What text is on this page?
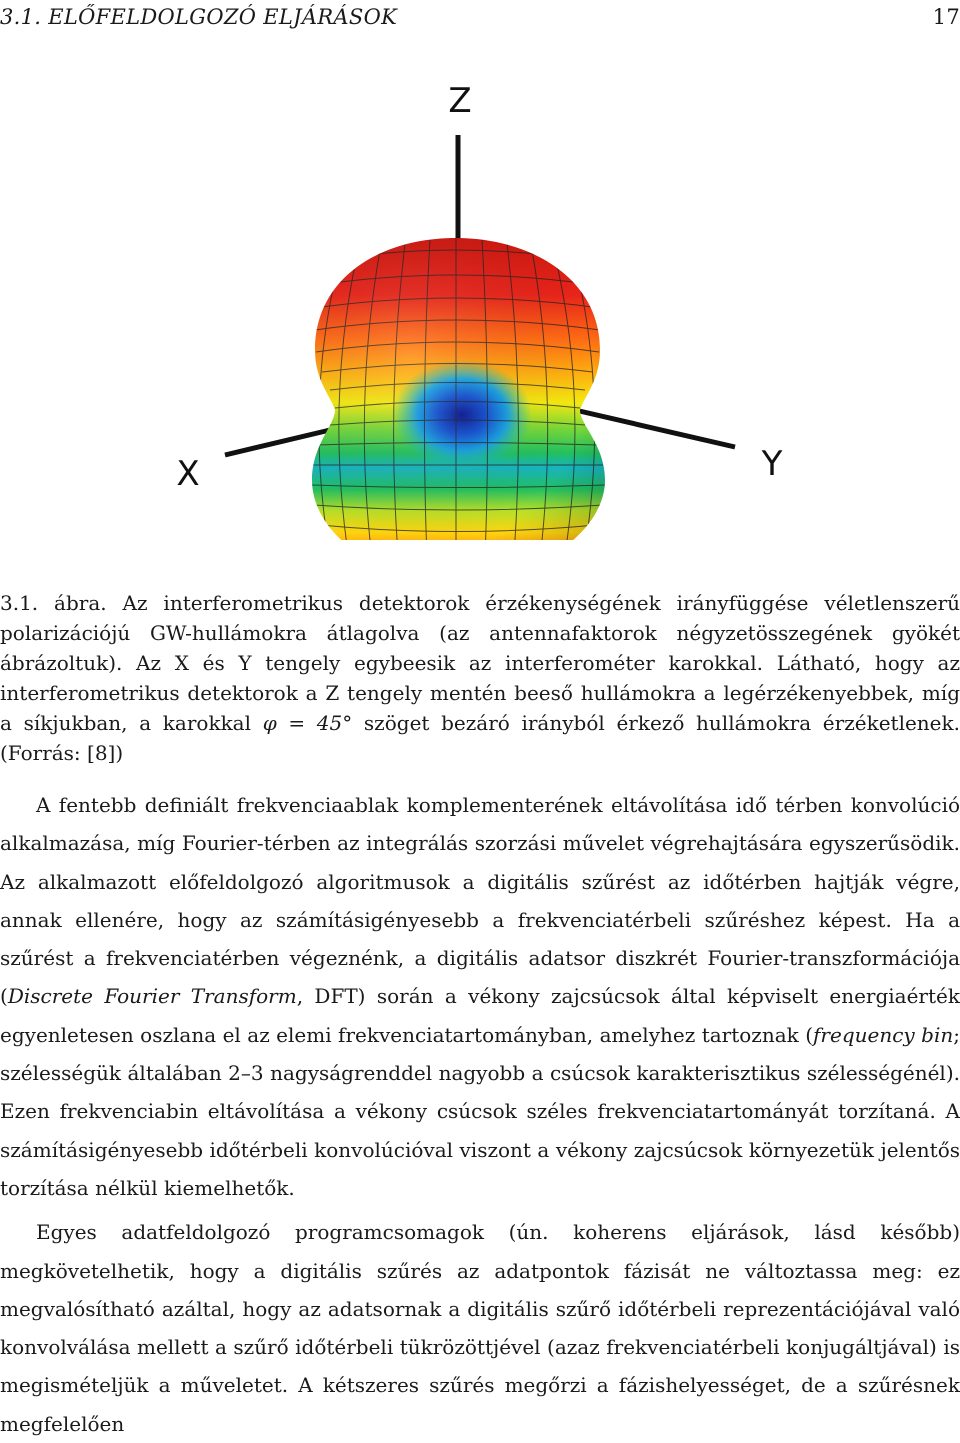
3.1. ELŐFELDOLGOZÓ ELJÁRÁSOK	17
Z
X	Y

3.1. ábra. Az interferometrikus detektorok érzékenységének irányfüggése véletlenszerű polarizációjú GW-hullámokra átlagolva (az antennafaktorok négyzetösszegének gyökét ábrázoltuk). Az X és Y tengely egybeesik az interferométer karokkal. Látható, hogy az interferometrikus detektorok a Z tengely mentén beeső hullámokra a legérzékenyebbek, míg a síkjukban, a karokkal φ = 45° szöget bezáró irányból érkező hullámokra érzéketlenek. (Forrás: [8])

A fentebb definiált frekvenciaablak komplementerének eltávolítása idő térben konvolúció alkalmazása, míg Fourier-térben az integrálás szorzási művelet végrehajtására egyszerűsödik. Az alkalmazott előfeldolgozó algoritmusok a digitális szűrést az időtérben hajtják végre, annak ellenére, hogy az számításigényesebb a frekvenciatérbeli szűréshez képest. Ha a szűrést a frekvenciatérben végeznénk, a digitális adatsor diszkrét Fourier-transzformációja (Discrete Fourier Transform, DFT) során a vékony zajcsúcsok által képviselt energiaérték egyenletesen oszlana el az elemi frekvenciatartományban, amelyhez tartoznak (frequency bin; szélességük általában 2–3 nagyságrenddel nagyobb a csúcsok karakterisztikus szélességénél). Ezen frekvenciabin eltávolítása a vékony csúcsok széles frekvenciatartományát torzítaná. A számításigényesebb időtérbeli konvolúcióval viszont a vékony zajcsúcsok környezetük jelentős torzítása nélkül kiemelhetők.

Egyes adatfeldolgozó programcsomagok (ún. koherens eljárások, lásd később) megkövetelhetik, hogy a digitális szűrés az adatpontok fázisát ne változtassa meg: ez megvalósítható azáltal, hogy az adatsornak a digitális szűrő időtérbeli reprezentációjával való konvolválása mellett a szűrő időtérbeli tükrözöttjével (azaz frekvenciatérbeli konjugáltjával) is megismételjük a műveletet. A kétszeres szűrés megőrzi a fázishelyességet, de a szűrésnek megfelelően
